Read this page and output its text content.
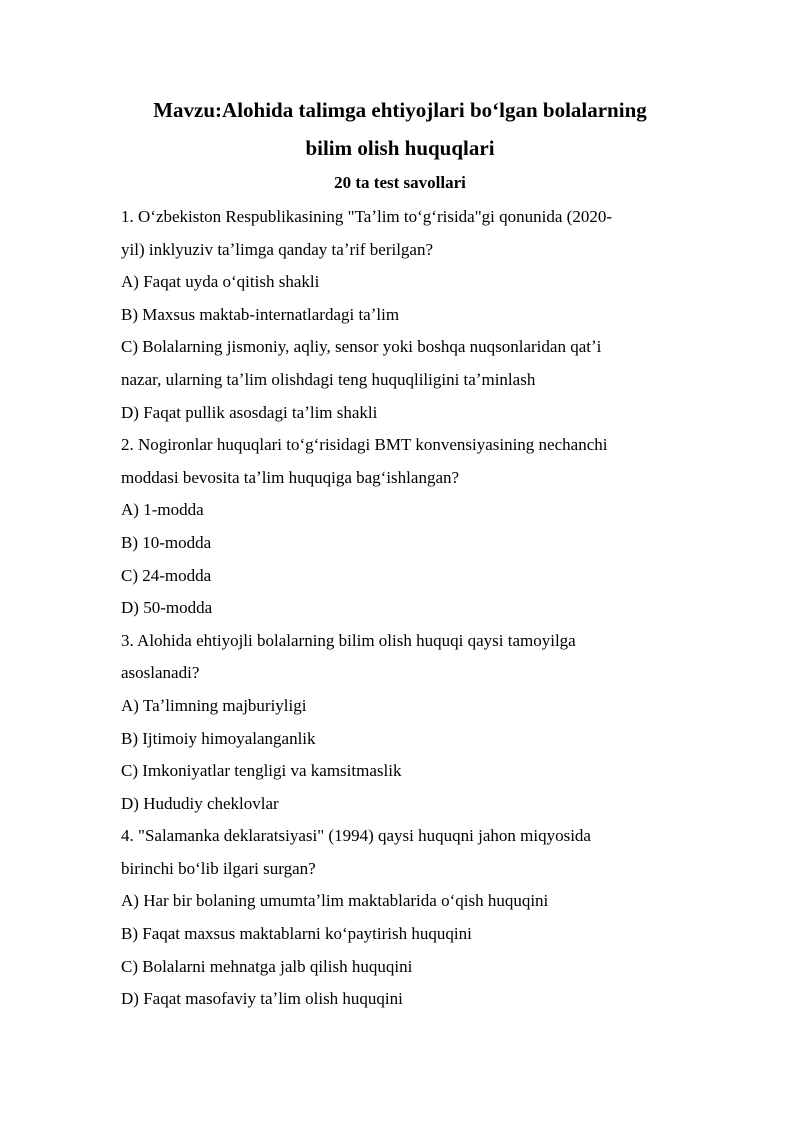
Mavzu:Alohida talimga ehtiyojlari boʻlgan bolalarning
bilim olish huquqlari
20 ta test savollari
1. Oʻzbekiston Respublikasining "Taʼlim toʻgʻrisida"gi qonunida (2020-
yil) inklyuziv taʼlimga qanday taʼrif berilgan?
A) Faqat uyda oʻqitish shakli
B) Maxsus maktab-internatlardagi taʼlim
C) Bolalarning jismoniy, aqliy, sensor yoki boshqa nuqsonlaridan qatʼi
nazar, ularning taʼlim olishdagi teng huquqliligini taʼminlash
D) Faqat pullik asosdagi taʼlim shakli
2. Nogironlar huquqlari toʻgʻrisidagi BMT konvensiyasining nechanchi
moddasi bevosita taʼlim huquqiga bagʻishlangan?
A) 1-modda
B) 10-modda
C) 24-modda
D) 50-modda
3. Alohida ehtiyojli bolalarning bilim olish huquqi qaysi tamoyilga
asoslanadi?
A) Taʼlimning majburiyligi
B) Ijtimoiy himoyalanganlik
C) Imkoniyatlar tengligi va kamsitmaslik
D) Hududiy cheklovlar
4. "Salamanka deklaratsiyasi" (1994) qaysi huquqni jahon miqyosida
birinchi boʻlib ilgari surgan?
A) Har bir bolaning umumtaʼlim maktablarida oʻqish huquqini
B) Faqat maxsus maktablarni koʻpaytirish huquqini
C) Bolalarni mehnatga jalb qilish huquqini
D) Faqat masofaviy taʼlim olish huquqini
